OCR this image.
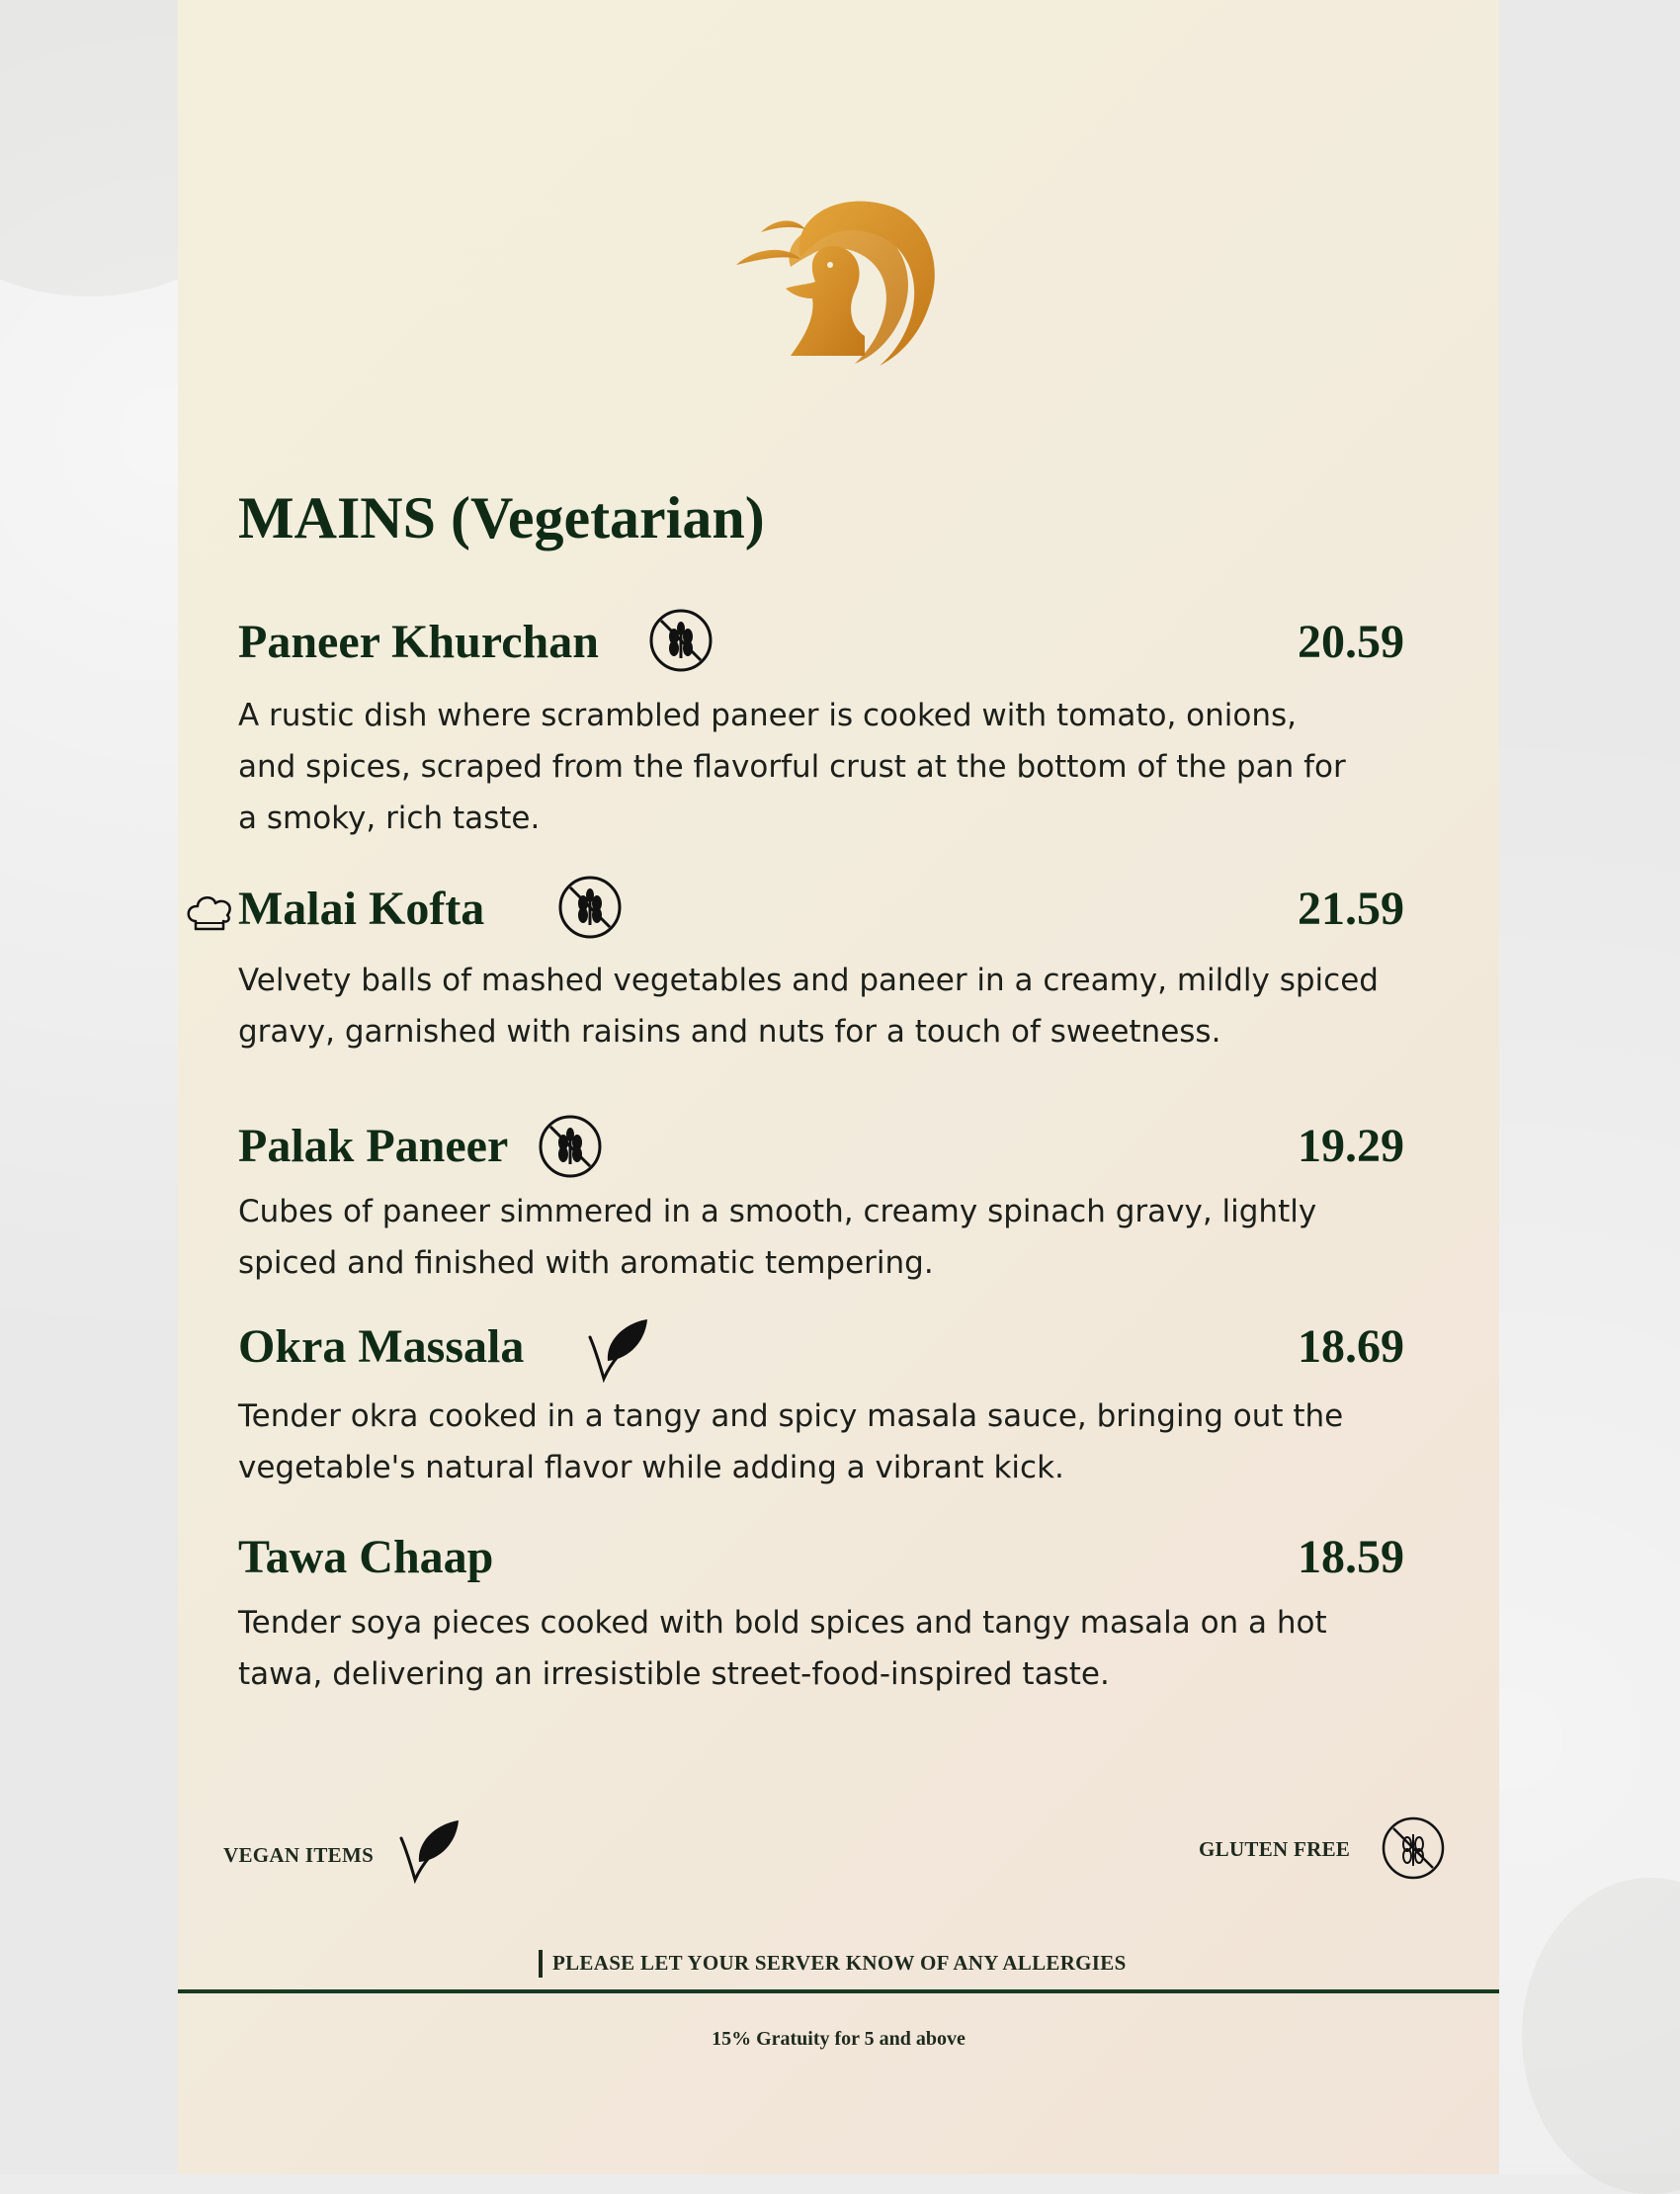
MAINS (Vegetarian)
Paneer Khurchan	20.59

A rustic dish where scrambled paneer is cooked with tomato, onions,
and spices, scraped from the flavorful crust at the bottom of the pan for
a smoky, rich taste.

Malai Kofta	21.59

Velvety balls of mashed vegetables and paneer in a creamy, mildly spiced
gravy, garnished with raisins and nuts for a touch of sweetness.

Palak Paneer	19.29

Cubes of paneer simmered in a smooth, creamy spinach gravy, lightly
spiced and finished with aromatic tempering.

Okra Massala	18.69

Tender okra cooked in a tangy and spicy masala sauce, bringing out the
vegetable's natural flavor while adding a vibrant kick.

Tawa Chaap	18.59

Tender soya pieces cooked with bold spices and tangy masala on a hot
tawa, delivering an irresistible street-food-inspired taste.

VEGAN ITEMS	GLUTEN FREE
PLEASE LET YOUR SERVER KNOW OF ANY ALLERGIES
15% Gratuity for 5 and above
